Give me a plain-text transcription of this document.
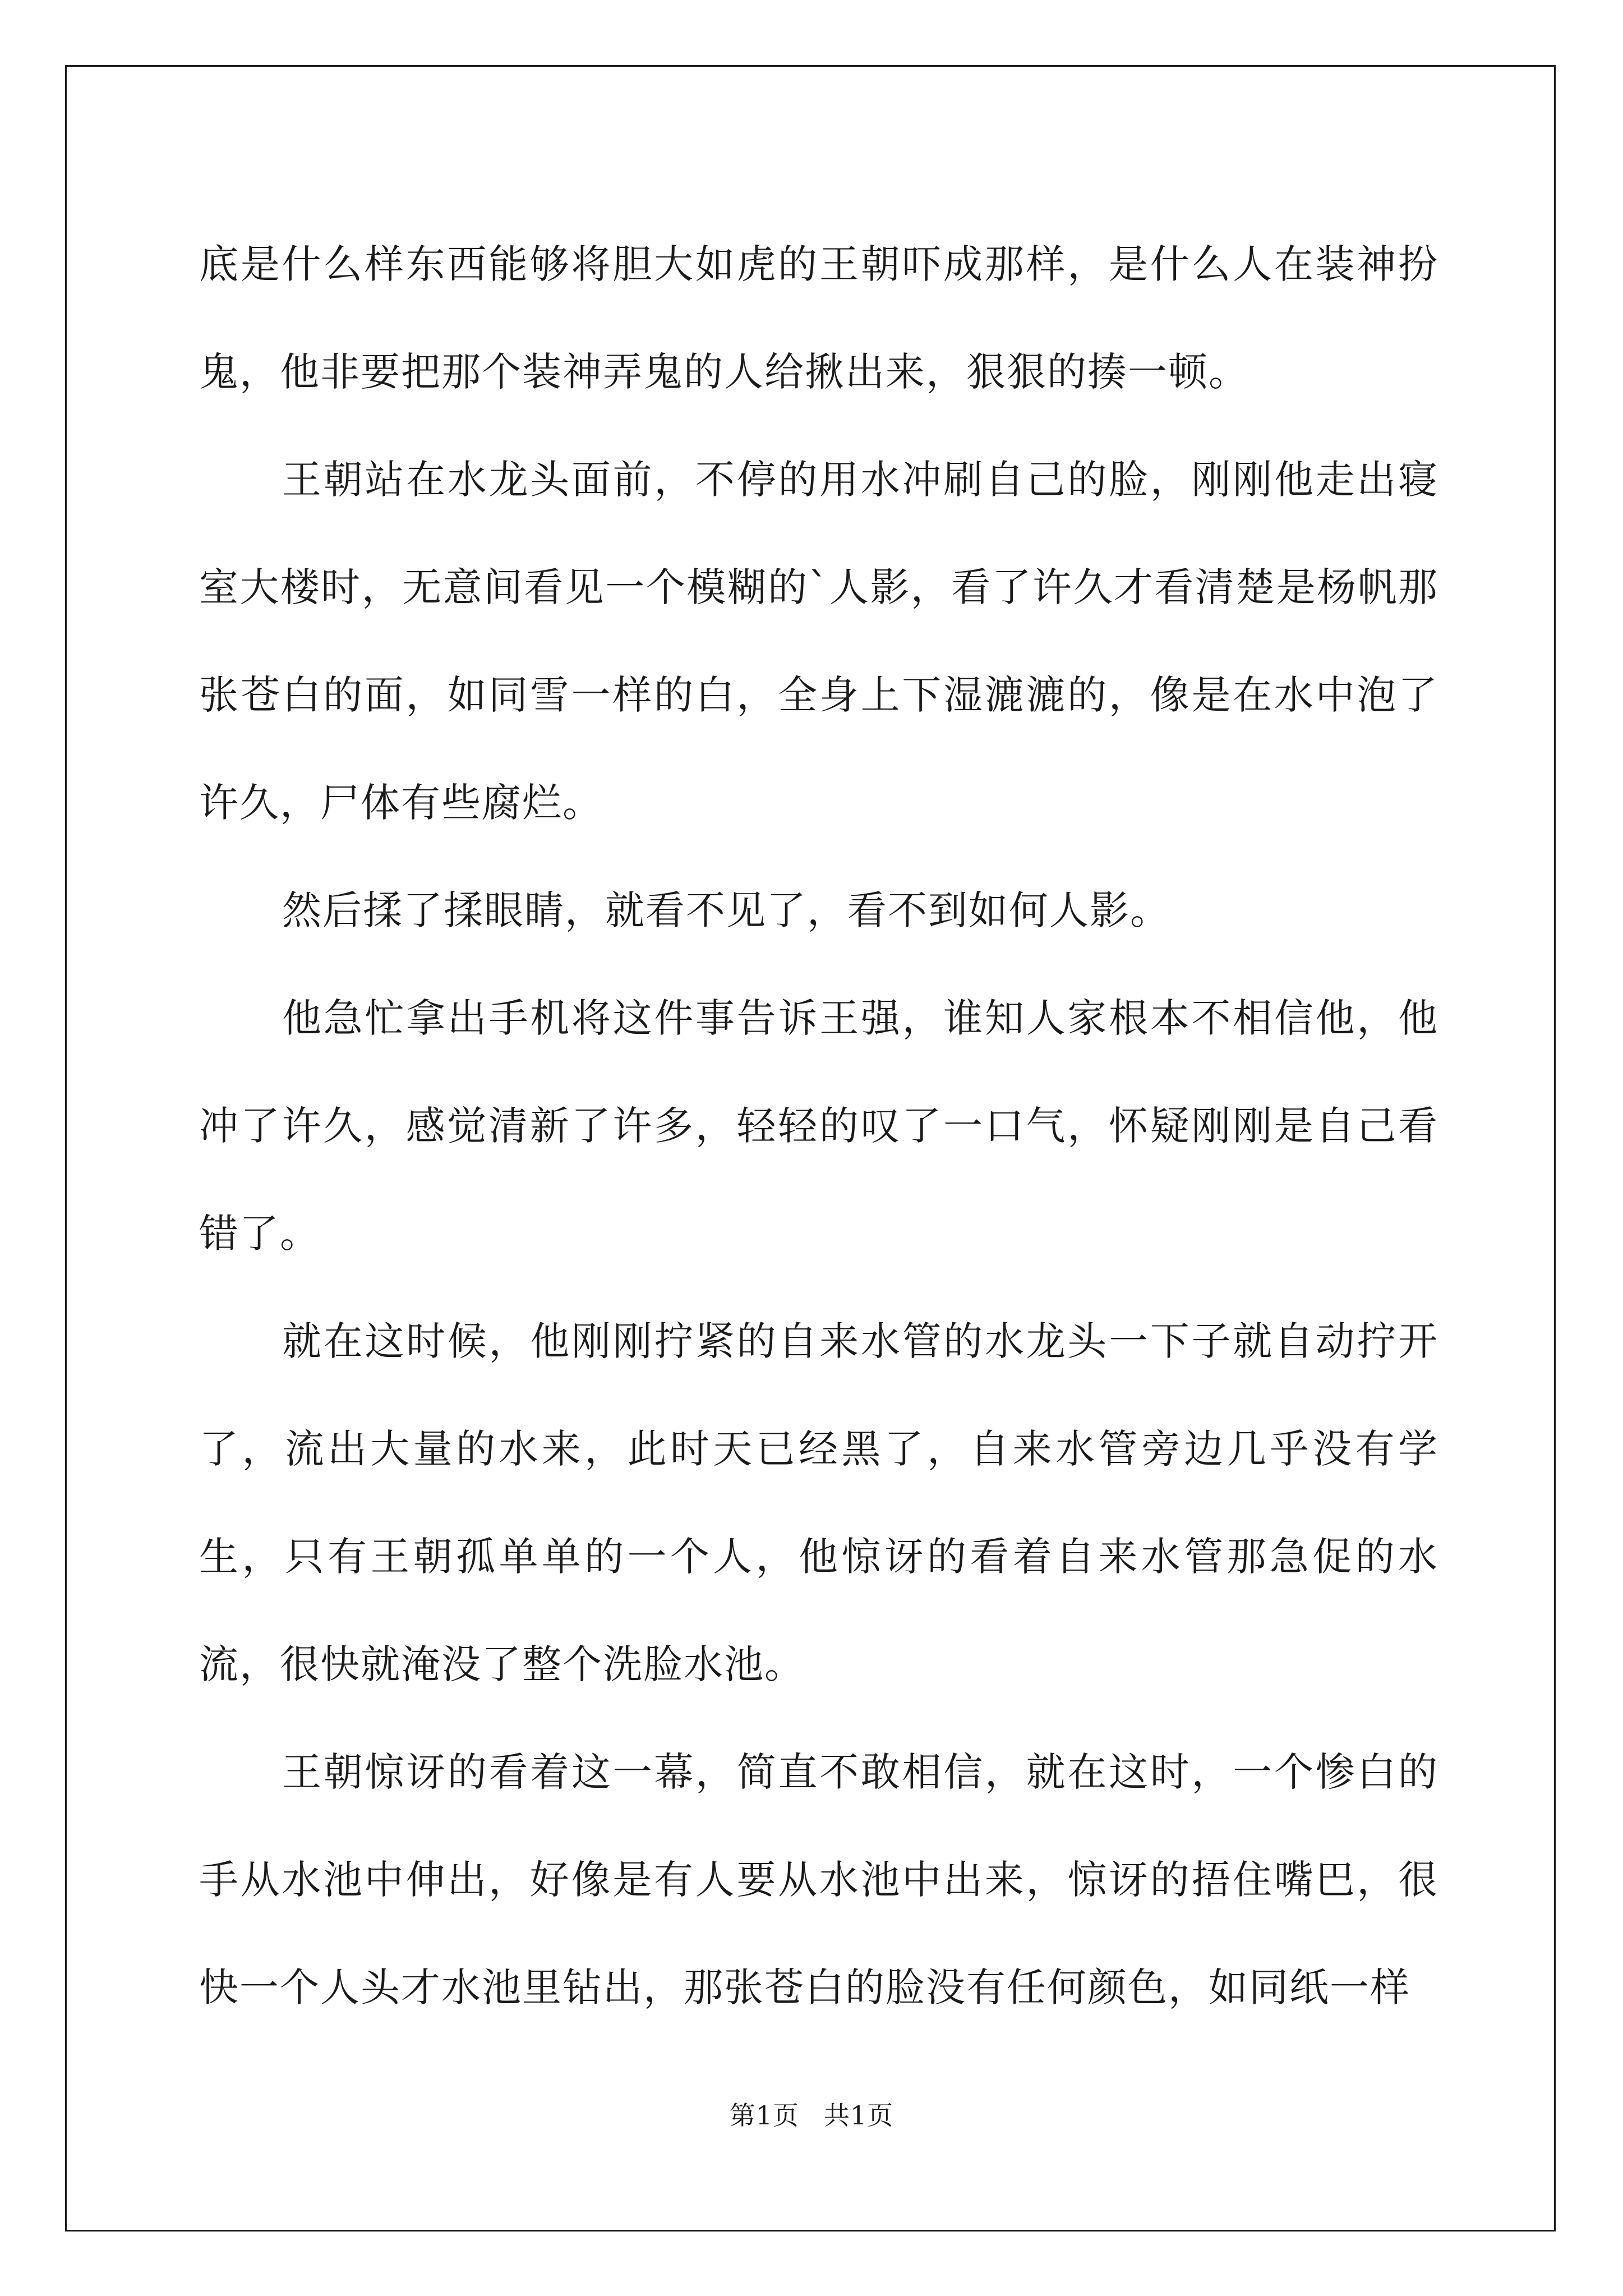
底是什么样东西能够将胆大如虎的王朝吓成那样，是什么人在装神扮鬼，他非要把那个装神弄鬼的人给揪出来，狠狠的揍一顿。

王朝站在水龙头面前，不停的用水冲刷自己的脸，刚刚他走出寝室大楼时，无意间看见一个模糊的`人影，看了许久才看清楚是杨帆那张苍白的面，如同雪一样的白，全身上下湿漉漉的，像是在水中泡了许久，尸体有些腐烂。

然后揉了揉眼睛，就看不见了，看不到如何人影。

他急忙拿出手机将这件事告诉王强，谁知人家根本不相信他，他冲了许久，感觉清新了许多，轻轻的叹了一口气，怀疑刚刚是自己看错了。

就在这时候，他刚刚拧紧的自来水管的水龙头一下子就自动拧开了，流出大量的水来，此时天已经黑了，自来水管旁边几乎没有学生，只有王朝孤单单的一个人，他惊讶的看着自来水管那急促的水流，很快就淹没了整个洗脸水池。

王朝惊讶的看着这一幕，简直不敢相信，就在这时，一个惨白的手从水池中伸出，好像是有人要从水池中出来，惊讶的捂住嘴巴，很快一个人头才水池里钻出，那张苍白的脸没有任何颜色，如同纸一样

第1页 共1页
